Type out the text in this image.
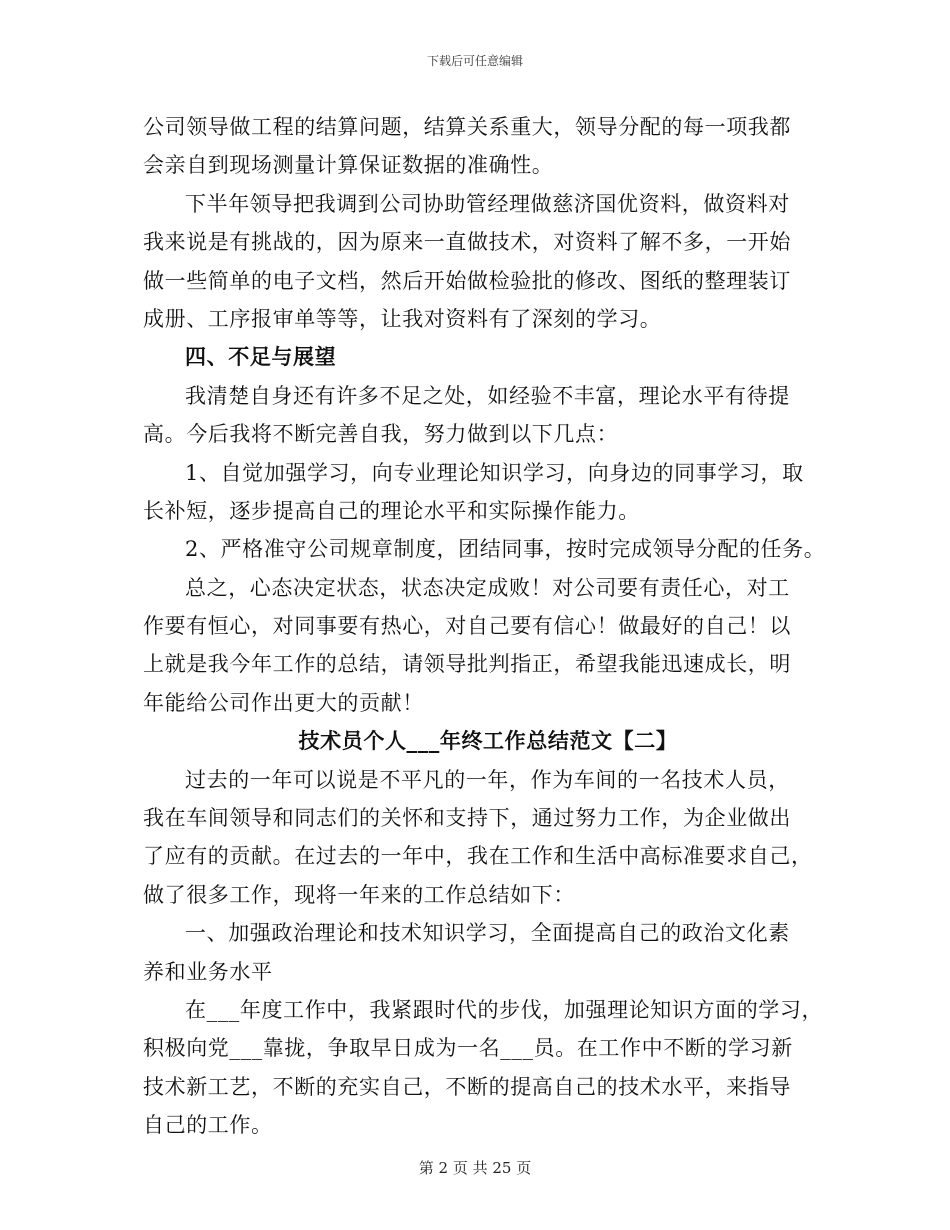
下载后可任意编辑
公司领导做工程的结算问题，结算关系重大，领导分配的每一项我都
会亲自到现场测量计算保证数据的准确性。
下半年领导把我调到公司协助管经理做慈济国优资料，做资料对
我来说是有挑战的，因为原来一直做技术，对资料了解不多，一开始
做一些简单的电子文档，然后开始做检验批的修改、图纸的整理装订
成册、工序报审单等等，让我对资料有了深刻的学习。
四、不足与展望
我清楚自身还有许多不足之处，如经验不丰富，理论水平有待提
高。今后我将不断完善自我，努力做到以下几点：
1、自觉加强学习，向专业理论知识学习，向身边的同事学习，取
长补短，逐步提高自己的理论水平和实际操作能力。
2、严格准守公司规章制度，团结同事，按时完成领导分配的任务。
总之，心态决定状态，状态决定成败！对公司要有责任心，对工
作要有恒心，对同事要有热心，对自己要有信心！做最好的自己！以
上就是我今年工作的总结，请领导批判指正，希望我能迅速成长，明
年能给公司作出更大的贡献！
技术员个人___年终工作总结范文【二】
过去的一年可以说是不平凡的一年，作为车间的一名技术人员，
我在车间领导和同志们的关怀和支持下，通过努力工作，为企业做出
了应有的贡献。在过去的一年中，我在工作和生活中高标准要求自己，
做了很多工作，现将一年来的工作总结如下：
一、加强政治理论和技术知识学习，全面提高自己的政治文化素
养和业务水平
在___年度工作中，我紧跟时代的步伐，加强理论知识方面的学习，
积极向党___靠拢，争取早日成为一名___员。在工作中不断的学习新
技术新工艺，不断的充实自己，不断的提高自己的技术水平，来指导
自己的工作。
第 2 页 共 25 页
